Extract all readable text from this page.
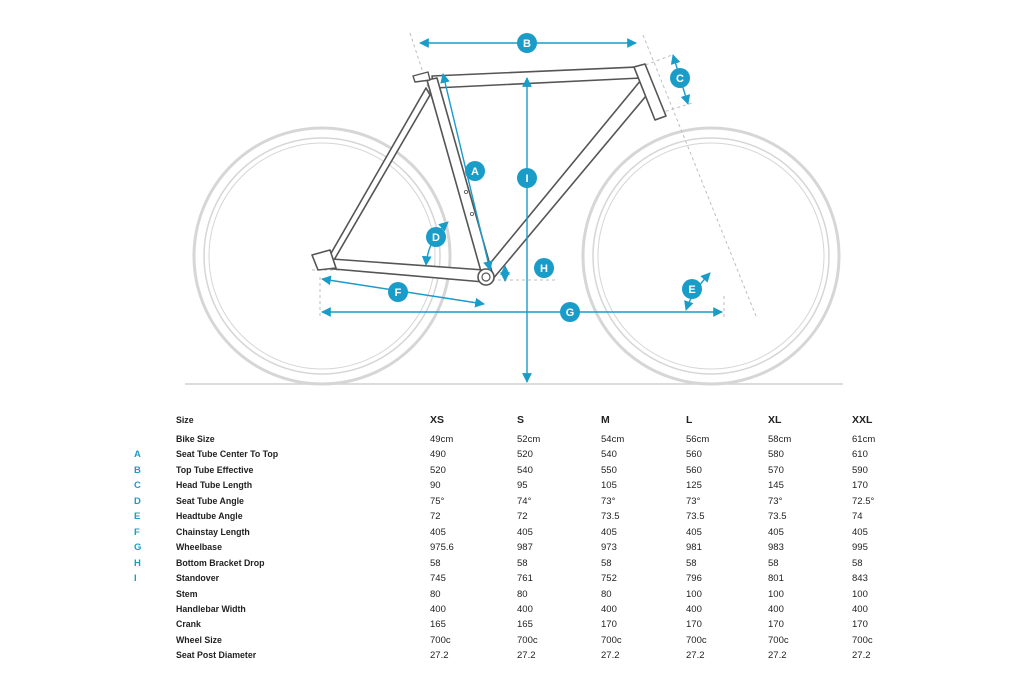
B
C
A
I
D
H
E
F
G
Size	XS	S	M	L	XL	XXL
Bike Size	49cm	52cm	54cm	56cm	58cm	61cm
A	Seat Tube Center To Top	490	520	540	560	580	610
B	Top Tube Effective	520	540	550	560	570	590
C	Head Tube Length	90	95	105	125	145	170
D	Seat Tube Angle	75°	74°	73°	73°	73°	72.5°
E	Headtube Angle	72	72	73.5	73.5	73.5	74
F	Chainstay Length	405	405	405	405	405	405
G	Wheelbase	975.6	987	973	981	983	995
H	Bottom Bracket Drop	58	58	58	58	58	58
I	Standover	745	761	752	796	801	843
Stem	80	80	80	100	100	100
Handlebar Width	400	400	400	400	400	400
Crank	165	165	170	170	170	170
Wheel Size	700c	700c	700c	700c	700c	700c
Seat Post Diameter	27.2	27.2	27.2	27.2	27.2	27.2
